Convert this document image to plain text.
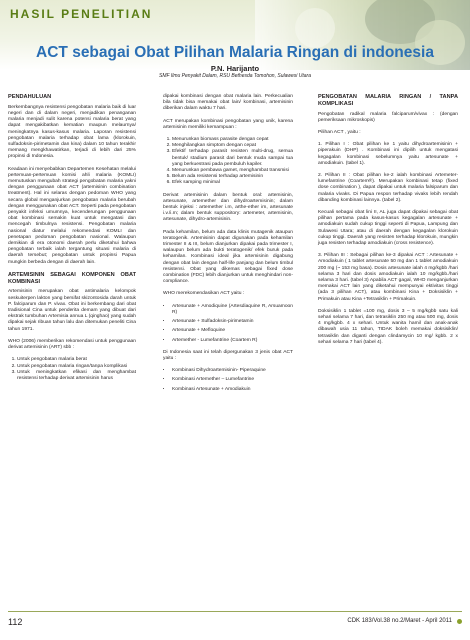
HASIL PENELITIAN
ACT sebagai Obat Pilihan Malaria Ringan di indonesia
P.N. Harijanto
SMF Ilmu Penyakit Dalam, RSU Bethesda Tomohon, Sulawesi Utara
PENDAHULUAN

Berkembangnya resistensi pengobatan malaria baik di luar negeri dan di dalam negeri, menjadikan penanganan malaria menjadi sulit karena potensi malaria berat yang dapat mengakibatkan kematian maupun melaurnya/ meningkatnya kasus-kasus malaria. Laporan resistensi pengobatan malaria terhadap obat lama (klorokuin, sulfadoksin-pirimetamin dan kina) dalam 10 tahun terakhir memang mengkhawatirkan, terjadi di lebih dari 25% propinsi di Indonesia.

Keadaan ini menyebabkan Departemen Kesehatan melalui pertemuan-pertemuan komisi ahli malaria (KOMLI) memutuskan mengubah strategi pengobatan malaria yakni dengan penggunaan obat ACT (artemisinin combination treatment). Hal ini selaras dengan pedoman WHO yang secara global menganjurkan pengobatan malaria berubah dengan menggunakan obat ACT. Seperti pada pengobatan penyakit infeksi umumnya, kecenderungan penggunaan obat kombinasi semakin kuat untuk mengatasi dan mencegah timbulnya resistensi. Pengobatan malaria nasional diatur melalui rekomendasi KOMLI dan penetapan pedoman pengobatan nasional. Walaupun demikian di era otonomi daerah perlu diketahui bahwa pengobatan terbaik ialah tergantung situasi malaria di daerah tersebut; pengobatan untuk propinsi Papua mungkin berbeda dengan di daerah lain.

ARTEMISININ SEBAGAI KOMPONEN OBAT KOMBINASI

Artemisinin merupakan obat antimalaria kelompok seskuiterpen lakton yang bersifat skizontosida darah untuk P. falciparum dan P. vivax. Obat ini berkembang dari obat tradisional Cina untuk penderita demam yang dibuat dari ekstrak tumbuhan Artemisia annua L (qinghao) yang sudah dipakai sejak ribuan tahun lalu dan ditemukan peneliti Cina tahun 1971.

WHO (2006) memberikan rekomendasi untuk penggunaan derivat artemisinin (ART) sbb :

1. Untuk pengobatan malaria berat
2. Untuk pengobatan malaria ringan/tanpa komplikasi
3. Untuk meningkatkan efikasi dan menghambat resistensi terhadap derivat artemisinin harus

dipakai kombinasi dengan obat malaria lain. Perkecualian bila tidak bisa memakai obat lain/ kombinasi, artemisinin diberikan dalam waktu 7 hari.

ACT merupakan kombinasi pengobatan yang unik, karena artemisinin memiliki kemampuan :

1. Menurunkan biomass parasite dengan cepat
2. Menghilangkan simptom dengan cepat
3. Efektif terhadap parasit resisten multi-drug, semua bentuk/ stadium parasit dari bentuk muda sampai tua yang berkuestrasi pada pembuluh kapiler.
4. Menurunkan pembawa gamet, menghambat transmisi
5. Belum ada resistensi terhadap artemisinin
6. Efek samping minimal

Derivat artemisinin dalam bentuk oral: artemisinin, artesunate, artemether dan dihydroartemisinin; dalam bentuk injeksi : artemether i.m, arthe-ether im, artesunate i.v./i.m; dalam bentuk suppository: artemeter, artemisinin, artesunate, dihydro-artemisinin.

Pada kehamilan, belum ada data klinis mutagenik ataupun teratogenik. Artemisinin dapat digunakan pada kehamilan trimester II & III, belum dianjurkan dipakai pada trimester I, walaupun belum ada bukti teratogenik/ efek buruk pada kehamilan. Kombinasi ideal jika artemisinin digabung dengan obat lain dengan half-life panjang dan belum timbul resistensi. Obat yang dikemas sebagai fixed dose combination (FDC) lebih dianjurkan untuk menghindari non-compliance.

WHO merekomendasikan ACT yaitu :

• Artesunate + Amodiquine (Artesdiaquine R, Arsuamoon R)
• Artesunate + Sulfadoksin-pirimetamin
• Artesunate + Mefloquine
• Artemether - Lumefantrine (Coartem R)

Di Indonesia saat ini telah dipergunakan 3 jenis obat ACT yaitu :

• Kombinasi Dihydroartemisinin- Piperaquine
• Kombinasi Artemether – Lumefantrine
• Kombinasi Artesunate + Amodiakuin
PENGOBATAN MALARIA RINGAN / TANPA KOMPLIKASI

Pengobatan radikal malaria falciparum/vivax : (dengan pemeriksaan mikroskopis)

Pilihan ACT , yaitu :

1. Pilihan I : Obat pilihan ke 1 yaitu dihydroartemisinin + piperakuin (DHP) . Kombinasi ini dipilih untuk mengatasi kegagalan kombinasi sebelumnya yaitu artesunate + amodiakuin. (tabel 1).

2. Pilihan II : Obat pilihan ke-2 ialah kombinasi Artemeter-lumefantrine (Coartem®). Merupakan kombinasi tetap (fixed dose combination ), dapat dipakai untuk malaria falsiparum dan malaria vivaks. Di Papua respon terhadap vivaks lebih rendah dibanding kombinasi lainnya. (tabel 2).

Kecuali sebagai obat lini II, AL juga dapat dipakai sebagai obat pilihan pertama pada kasus-kasus kegagalan artesunate + amodiakuin sudah cukup tinggi seperti di Papua, Lampung dan Sulawesi Utara; atau di daerah dengan kegagalan klorokuin cukup tinggi. Daerah yang resisten terhadap klorokuin, mungkin juga resisten terhadap amodiakuin (cross resistence).

3. Pilihan III : Sebagai pilihan ke-3 dipakai ACT : Artesunate + Amodiakuin ( 1 tablet artesunate 50 mg dan 1 tablet amodiakuin 200 mg (~ 153 mg basa). Dosis artesunate ialah 4 mg/kgbb /hari selama 3 hari dan dosis amodiakuin ialah 10 mg/kgbb./hari selama 3 hari. (tabel 3) Apabila ACT gagal, WHO menganjurkan memakai ACT lain yang diketahui mempunyai ektivitas tinggi (ada 3 pilihan ACT), atau kombinasi Kina + Doksisiklin + Primakuin atau Kina +Tetrasiklin + Primakuin.

Doksisiklin 1 tablet =100 mg, dosis 3 – 5 mg/kgbb satu kali sehari selama 7 hari, dan tetrasiklin 250 mg atau 500 mg, dosis 4 mg/kgbb. 4 x sehari. Untuk wanita hamil dan anak-anak dibawah usia 11 tahun, TIDAK boleh memakai doksisiklin/ tetrasiklin dan diganti dengan clindamycin 10 mg/ kgbb. 2 x sehari selama 7 hari (tabel 4).

112	CDK 183/Vol.38 no.2/Maret - April 2011
